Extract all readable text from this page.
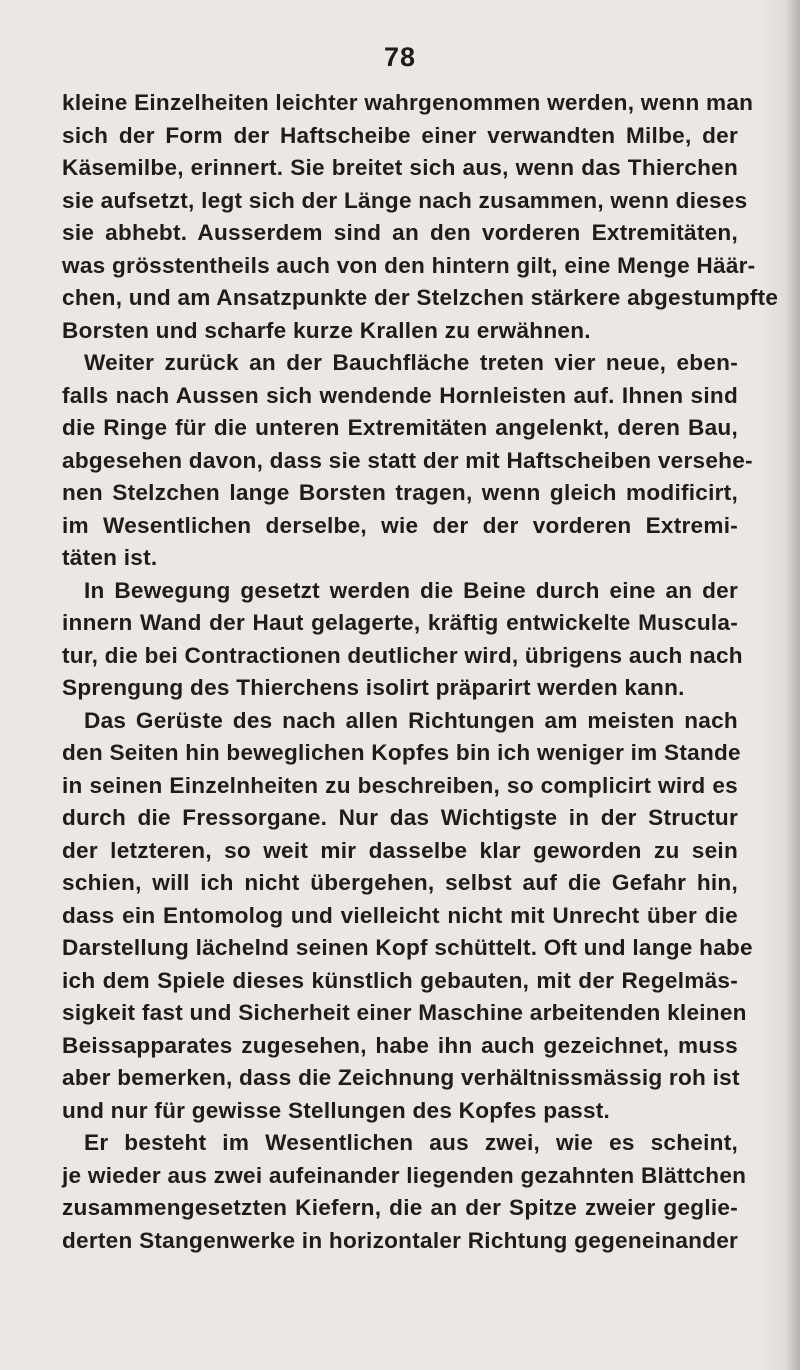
78
kleine Einzelheiten leichter wahrgenommen werden, wenn man
sich der Form der Haftscheibe einer verwandten Milbe, der
Käsemilbe, erinnert. Sie breitet sich aus, wenn das Thierchen
sie aufsetzt, legt sich der Länge nach zusammen, wenn dieses
sie abhebt. Ausserdem sind an den vorderen Extremitäten,
was grösstentheils auch von den hintern gilt, eine Menge Häär-
chen, und am Ansatzpunkte der Stelzchen stärkere abgestumpfte
Borsten und scharfe kurze Krallen zu erwähnen.
Weiter zurück an der Bauchfläche treten vier neue, eben-
falls nach Aussen sich wendende Hornleisten auf. Ihnen sind
die Ringe für die unteren Extremitäten angelenkt, deren Bau,
abgesehen davon, dass sie statt der mit Haftscheiben versehe-
nen Stelzchen lange Borsten tragen, wenn gleich modificirt,
im Wesentlichen derselbe, wie der der vorderen Extremi-
täten ist.
In Bewegung gesetzt werden die Beine durch eine an der
innern Wand der Haut gelagerte, kräftig entwickelte Muscula-
tur, die bei Contractionen deutlicher wird, übrigens auch nach
Sprengung des Thierchens isolirt präparirt werden kann.
Das Gerüste des nach allen Richtungen am meisten nach
den Seiten hin beweglichen Kopfes bin ich weniger im Stande
in seinen Einzelnheiten zu beschreiben, so complicirt wird es
durch die Fressorgane. Nur das Wichtigste in der Structur
der letzteren, so weit mir dasselbe klar geworden zu sein
schien, will ich nicht übergehen, selbst auf die Gefahr hin,
dass ein Entomolog und vielleicht nicht mit Unrecht über die
Darstellung lächelnd seinen Kopf schüttelt. Oft und lange habe
ich dem Spiele dieses künstlich gebauten, mit der Regelmäs-
sigkeit fast und Sicherheit einer Maschine arbeitenden kleinen
Beissapparates zugesehen, habe ihn auch gezeichnet, muss
aber bemerken, dass die Zeichnung verhältnissmässig roh ist
und nur für gewisse Stellungen des Kopfes passt.
Er besteht im Wesentlichen aus zwei, wie es scheint,
je wieder aus zwei aufeinander liegenden gezahnten Blättchen
zusammengesetzten Kiefern, die an der Spitze zweier geglie-
derten Stangenwerke in horizontaler Richtung gegeneinander
